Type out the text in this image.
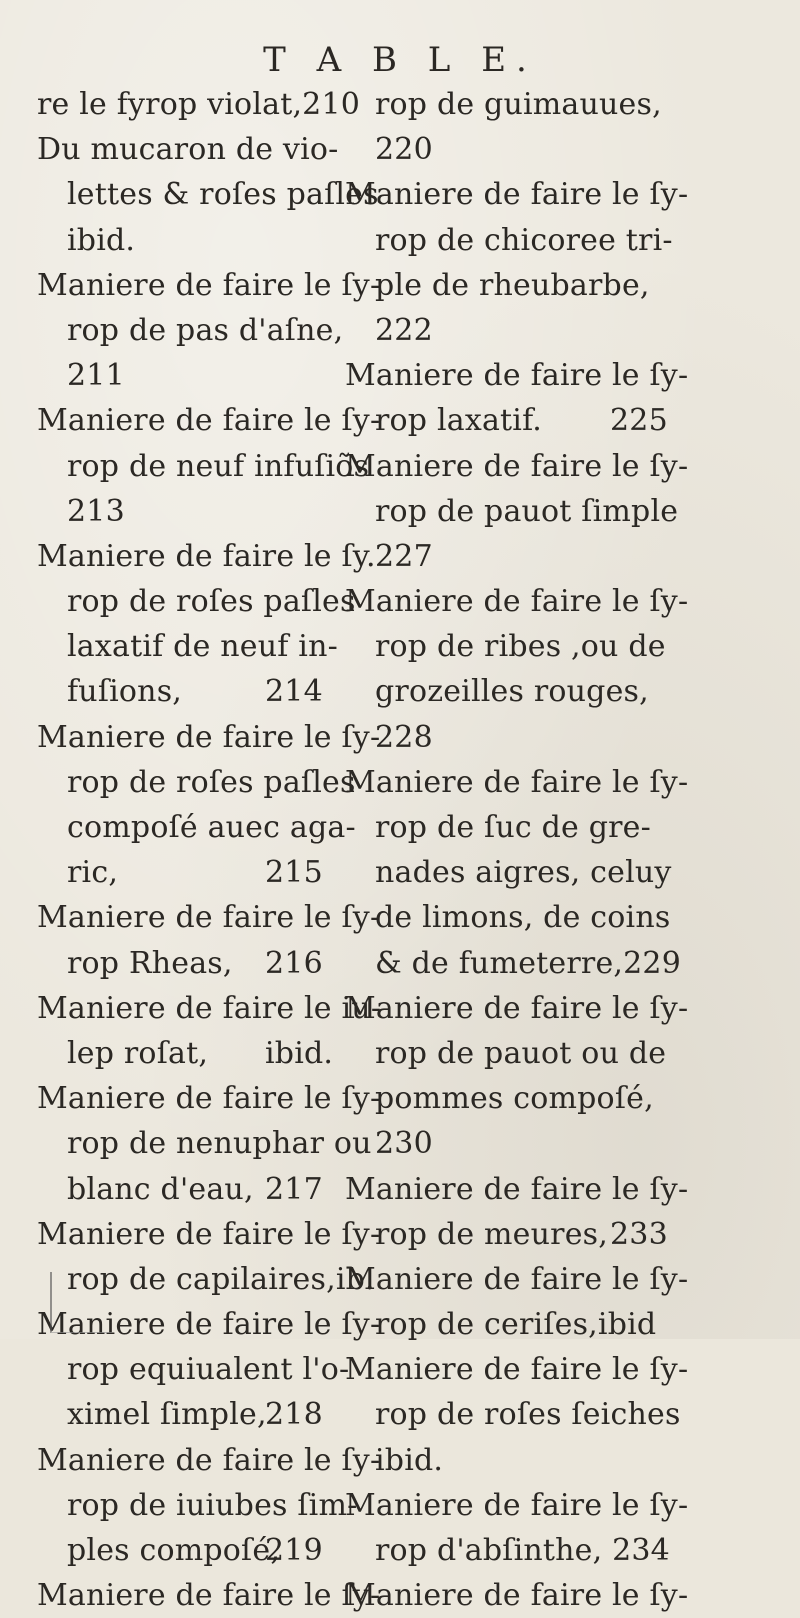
T A B L E.
re le fyrop violat,210
Du mucaron de vio-
lettes & roſes paſles
ibid.
Maniere de faire le ſy-
rop de pas d'aſne,
211
Maniere de faire le ſy-
rop de neuf infuſiõs
213
Maniere de faire le ſy.
rop de roſes paſles
laxatif de neuf in-
fuſions,	214
Maniere de faire le ſy-
rop de roſes paſles
compoſé auec aga-
ric,	215
Maniere de faire le ſy-
rop Rheas, 216
Maniere de faire le iu-
lep roſat, ibid.
Maniere de faire le ſy-
rop de nenuphar ou
blanc d'eau, 217
Maniere de faire le ſy-
rop de capilaires,ib.
Maniere de faire le ſy-
rop equiualent l'o-
ximel ſimple,
218
Maniere de faire le ſy-
rop de iuiubes ſim-
ples compoſé,
219
Maniere de faire le ſy-
rop de guimauues,
220
Maniere de faire le ſy-
rop de chicoree tri-
ple de rheubarbe,
222
Maniere de faire le ſy-
rop laxatif. 225
Maniere de faire le ſy-
rop de pauot ſimple
227
Maniere de faire le ſy-
rop de ribes ,ou de
grozeilles rouges,
228
Maniere de faire le ſy-
rop de ſuc de gre-
nades aigres, celuy
de limons, de coins
& de fumeterre,229
Maniere de faire le ſy-
rop de pauot ou de
pommes compoſé,
230
Maniere de faire le ſy-
rop de meures, 233
Maniere de faire le ſy-
rop de ceriſes,ibid
Maniere de faire le ſy-
rop de roſes ſeiches
ibid.
Maniere de faire le ſy-
rop d'abſinthe, 234
Maniere de faire le ſy-
